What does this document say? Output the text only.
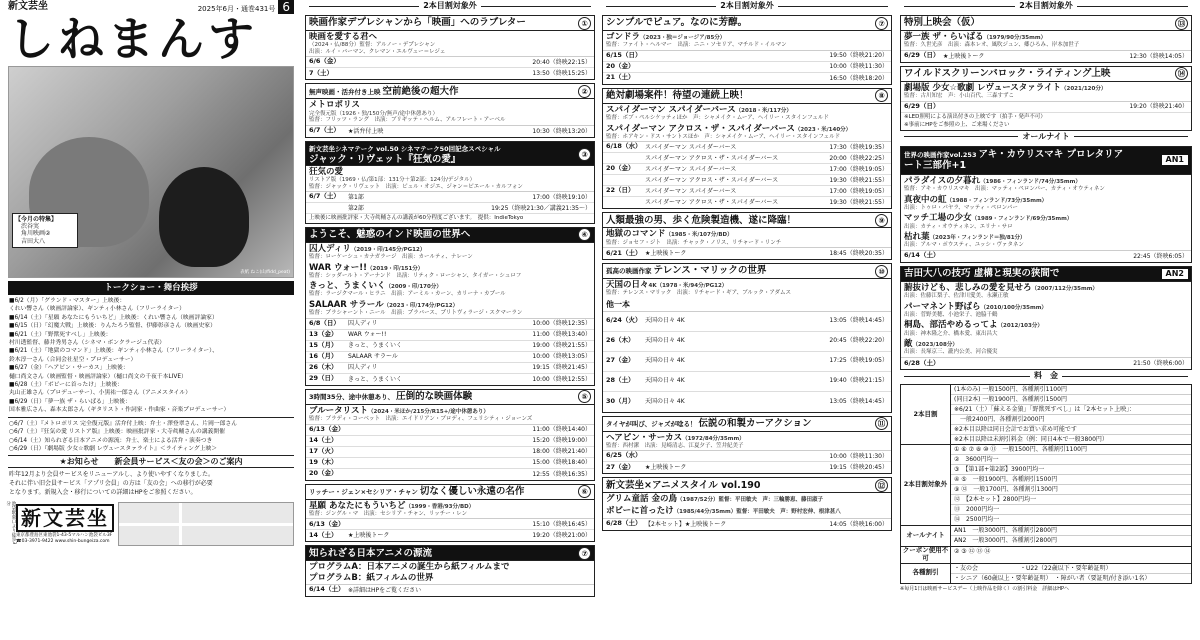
新文芸坐	2025年6月・通巻431号 6
しねまんす
【今月の特集】
渋谷実
角川映画②
吉田大八
表紙 ねこ(山/fidd_peat)
トークショー・舞台挨拶
■6/2（月）「グランド・マスター」上映後：
くれい響さん（映画評論家）、ギンティ小林さん（フリーライター）
■6/14（土）「星願 あなたにもういちど」上映後：くれい響さん（映画評論家）
■6/15（日）「幻魔大戦」上映後：りんたろう監督、伊藤彰彦さん（映画史家）
■6/21（土）「野獣死すべし」上映後：
村川透監督、藤井秀男さん（シネマ・ボンクラージュ代表）
■6/21（土）「地獄のコマンド」上映後：ギンティ小林さん（フリーライター）、
鈴木淳一さん（合同会社星空・プロデューサー）
■6/27（金）「ヘアピン・サーカス」上映後：
樋口尚文さん（映画監督・映画評論家）（樋口尚文の千夜千本LIVE）
■6/28（土）「ボビーに首ったけ」上映後：
丸山正雄さん（プロデューサー）、小黒祐一郎さん（アニメスタイル）
■6/29（日）「夢一族 ザ・らいばる」上映後：
国本雅広さん、森本太郎さん（ギタリスト・作詞家・作曲家・音楽プロデューサー）
○6/7（土）『メトロポリス 完全復元版』活弁付上映：弁士・澤登翠さん、片岡一郎さん
○6/7（土）『狂気の愛 リストア版』上映後：映画批評家・大寺眞輔さんの講義開催
○6/14（土）知られざる日本アニメの源流：弁士、楽士による活弁・演奏つき
○6/29（日）『劇場版 少女☆歌劇 レヴュースタァライト』＜ライティング上映＞
★お知らせ　　新会員サービス＜友の会＞のご案内
昨年12月より会員サービスをリニューアルし、より使いやすくなりました。
それに伴い旧会員サービス「アプリ会員」の方は「友の会」への移行が必要
となります。新規入会・移行についての詳細はHPをご参照ください。
池袋駅東口より徒歩3分
新文芸坐
東京都豊島区東池袋1-43-5マルハン池袋ビル3F
☎03-3971-9422 www.shin-bungeiza.com
2本目割対象外
映画作家デプレシャンから「映画」へのラブレター	①
映画を愛する君へ
（2024・仏/88分）監督：アルノー・デプレシャン
出演：ルイ・バーマン、クレマン・エルヴュー＝レジェ
6/6（金）	20:40（終映22:15）
7（土）	13:50（終映15:25）
無声映画・活弁付き上映 空前絶後の超大作	②
メトロポリス
完全復元版（1926・独/150分/無声/途中休憩あり）
監督：フリッツ・ラング　出演：ブリギッテ・ヘルム、アルフレート・アーベル
6/7（土）	★活弁付上映	10:30（終映13:20）
新文芸坐シネマテーク vol.50 シネマテーク50回記念スペシャル
ジャック・リヴェット『狂気の愛』	③
狂気の愛
リストア版（1969・仏/第1部：131分＋第2部：124分/デジタル）
監督：ジャック・リヴェット　出演：ビュル・オジエ、ジャン＝ピエール・カルフォン
6/7（土）	第1部	17:00（終映19:10）
第2部	19:25（終映21:30／講義21:35〜）
上映後に映画批評家・大寺眞輔さんの講義が60分程度ございます。　提供：IndieTokyo
ようこそ、魅惑のインド映画の世界へ	④
囚人ディリ（2019・印/145分/PG12）
監督：ローケーシュ・カナガラージ　出演：カールティ、ナレーン
WAR ウォー!!（2019・印/151分）
監督：シッダールト・アーナンド　出演：リティク・ローシャン、タイガー・シュロフ
きっと、うまくいく（2009・印/170分）
監督：ラージクマール・ヒラニ　出演：アーミル・カーン、カリーナ・カプール
SALAAR サラール（2023・印/174分/PG12）
監督：プラシャーント・ニール　出演：プラバース、プリトヴィラージ・スクマーラン
6/8（日）	囚人ディリ	10:00（終映12:35）
13（金）	WAR ウォー!!	11:00（終映13:40）
15（月）	きっと、うまくいく	19:00（終映21:55）
16（月）	SALAAR サラール	10:00（終映13:05）
26（木）	囚人ディリ	19:15（終映21:45）
29（日）	きっと、うまくいく	10:00（終映12:55）
3時間35分、途中休憩あり、 圧倒的な映画体験	⑤
ブルータリスト（2024・米ほか/215分/R15+/途中休憩あり）
監督：ブラディ・コーベット　出演：エイドリアン・ブロディ、フェリシティ・ジョーンズ
6/13（金）	11:00（終映14:40）
14（土）	15:20（終映19:00）
17（火）	18:00（終映21:40）
19（木）	15:00（終映18:40）
20（金）	12:55（終映16:35）
リッチー・ジェン×セシリア・チャン 切なく優しい永遠の名作	⑥
星願 あなたにもういちど（1999・香港/93分/BD）
監督：ジングル・マ　出演：セシリア・チャン、リッチー・レン
6/13（金）	15:10（終映16:45）
14（土）	★上映後トーク	19:20（終映21:00）
知られざる日本アニメの源流	⑦
プログラムA：日本アニメの誕生から紙フィルムまで
プログラムB：紙フィルムの世界
6/14（土） ※詳細はHPをご覧ください
2本目割対象外
シンプルでピュア。なのに芳醇。	⑦
ゴンドラ（2023・独＝ジョージア/85分）
監督：ファイト・ヘルマー　出演：ニニ・ソセリア、マチルド・イルマン
6/15（日）	19:50（終映21:20）
20（金）	10:00（終映11:30）
21（土）	16:50（終映18:20）
絶対劇場案件！待望の連続上映！	⑧
スパイダーマン スパイダーバース（2018・米/117分）
監督：ボブ・ペルシケッティほか　声：シャメイク・ムーア、ヘイリー・スタインフェルド
スパイダーマン アクロス・ザ・スパイダーバース（2023・米/140分）
監督：ホアキン・ドス・サントスほか　声：シャメイク・ムーア、ヘイリー・スタインフェルド
6/18（水） スパイダーマン スパイダーバース	17:30（終映19:35）
スパイダーマン アクロス・ザ・スパイダーバース	20:00（終映22:25）
20（金）	スパイダーマン スパイダーバース	17:00（終映19:05）
スパイダーマン アクロス・ザ・スパイダーバース	19:30（終映21:55）
22（日）	スパイダーマン スパイダーバース	17:00（終映19:05）
スパイダーマン アクロス・ザ・スパイダーバース	19:30（終映21:55）
人類最強の男、歩く危険製造機、遂に降臨！	⑨
地獄のコマンド（1985・米/107分/BD）
監督：ジョセフ・ジト　出演：チャック・ノリス、リチャード・リンチ
6/21（土） ★上映後トーク	18:45（終映20:35）
孤高の映画作家 テレンス・マリックの世界	⑩
天国の日々4K（1978・米/94分/PG12）
監督：テレンス・マリック　出演：リチャード・ギア、ブルック・アダムス
他一本
6/24（火） 天国の日々 4K	13:05（終映14:45）
26（木）	天国の日々 4K	20:45（終映22:20）
27（金）	天国の日々 4K	17:25（終映19:05）
28（土）	天国の日々 4K	19:40（終映21:15）
30（月）	天国の日々 4K	13:05（終映14:45）
タイヤが叫び、ジャズが唸る！ 伝説の和製カーアクション	⑪
ヘアピン・サーカス（1972/84分/35mm）
監督：西村潔　出演：見崎清志、江夏夕子、笠井紀美子
6/25（水）	10:00（終映11:30）
27（金）	★上映後トーク	19:15（終映20:45）
新文芸坐×アニメスタイル vol.190	⑫
グリム童話 金の鳥（1987/52分）監督：平田敏夫　声：三輪勝恵、藤田淑子
ボビーに首ったけ（1985/44分/35mm）監督：平田敏夫　声：野村宏伸、根津甚八
6/28（土） 【2本セット】★上映後トーク	14:05（終映16:00）
2本目割対象外
特別上映会（仮）	⑬
夢一族 ザ・らいばる（1979/90分/35mm）
監督：久世光彦　出演：森本レオ、風吹ジュン、郷ひろみ、岸本加世子
6/29（日） ★上映後トーク	12:30（終映14:05）
ワイルドスクリーンバロック・ライティング上映	⑭
劇場版 少女☆歌劇 レヴュースタァライト（2021/120分）
監督：古川知宏　声：小山百代、三森すずこ
6/29（日）	19:20（終映21:40）
※LED照明による演出付きの上映です（拍手・発声不可）
※事前にHPをご参照の上、ご来場ください
オールナイト
世界の映画作家vol.253 アキ・カウリスマキ プロレタリアート三部作+1
AN1
パラダイスの夕暮れ（1986・フィンランド/74分/35mm）
監督：アキ・カウリスマキ　出演：マッティ・ペロンパー、カティ・オウティネン
真夜中の虹（1988・フィンランド/73分/35mm）
出演：トゥロ・パヤラ、マッティ・ペロンパー
マッチ工場の少女（1989・フィンランド/69分/35mm）
出演：カティ・オウティネン、エリナ・サロ
枯れ葉（2023年・フィンランド＝独/81分）
出演：アルマ・ポウスティ、ユッシ・ヴァタネン
6/14（土）	22:45（終映6:05）
吉田大八の技巧 虚構と現実の狭間で	AN2
腑抜けども、悲しみの愛を見せろ（2007/112分/35mm）
出演：佐藤江梨子、佐津川愛美、永瀬正敏
パーマネント野ばら（2010/100分/35mm）
出演：菅野美穂、小池栄子、池脇千鶴
桐島、部活やめるってよ（2012/103分）
出演：神木隆之介、橋本愛、東出昌大
敵（2023/108分）
出演：長塚京三、瀧内公美、河合優実
6/28（土）	21:50（終映6:00）
料　金
2本目割
(1本のみ) 一般1500円、各種割引1100円
(同日2本) 一般1900円、各種割引1500円
※6/21（土）「蘇える金狼」「野獣死すべし」は「2本セット上映」：
　一般2400円、各種割引2000円
※2本目以降は同日会計でお買い求め可能です
※2本目以降は未割引料金（例：同日4本で一般3800円）
2本目割対象外
① ⑥ ⑦ ⑧ ⑩ ⑪　一般1500円、各種割引1100円
②　3600円均一
③　【第1部+第2部】3900円均一
④ ⑤　一般1900円、各種割引1500円
⑨ ⑫　一般1700円、各種割引1300円
⑫　【2本セット】2800円均一
⑬　2000円均一
⑭　2500円均一
オールナイト
AN1　一般3000円、各種割引2800円
AN2　一般3000円、各種割引2800円
クーポン使用不可
② ③ ⑫ ⑬ ⑭
各種割引
・友の会　　　　　　　・U22（22歳以下・要年齢証明）
・シニア（60歳以上・要年齢証明）　・障がい者（要証明/付き添い1名）
※毎月1日は映画サービスデー（上映作品を除く）の割引料金　詳細はHPへ
